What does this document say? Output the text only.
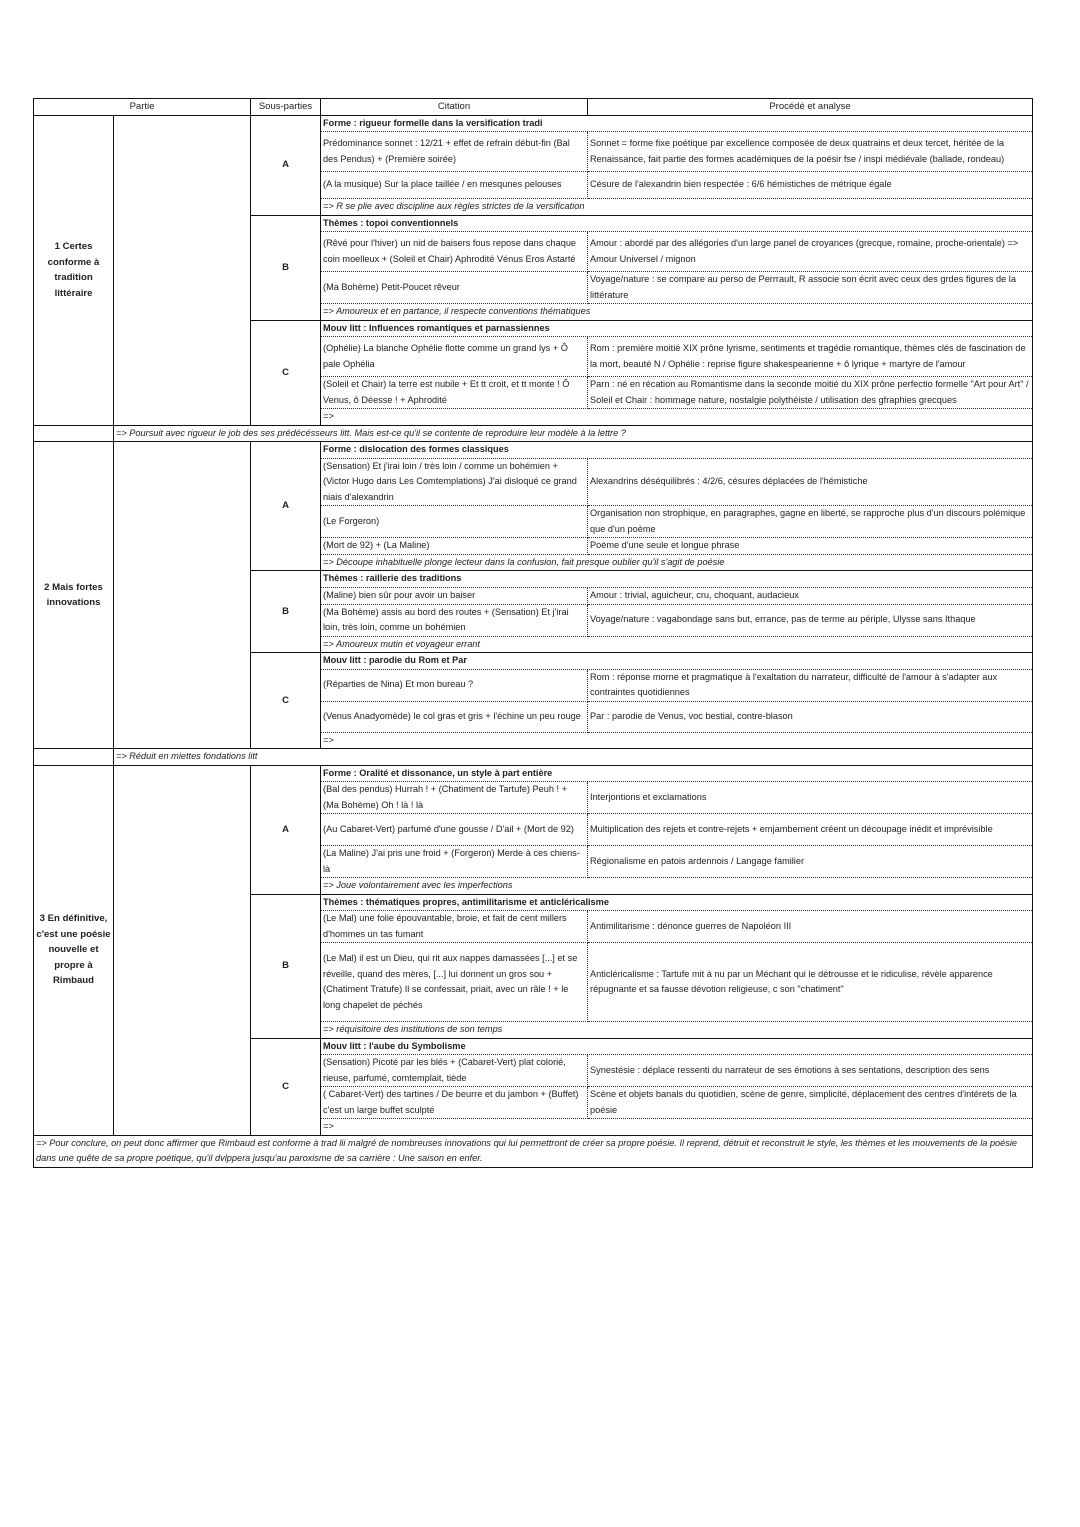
Partie		Sous-parties	Citation	Procédé et analyse
1 Certes conforme à tradition littéraire		A	Forme : rigueur formelle dans la versification tradi	
			Prédominance sonnet : 12/21 + effet de refrain début-fin (Bal des Pendus) + (Première soirée)	Sonnet = forme fixe poétique par excellence composée de deux quatrains et deux tercet, héritée de la Renaissance, fait partie des formes académiques de la poésir fse / inspi médiévale (ballade, rondeau)
			(A la musique) Sur la place taillée / en mesqunes pelouses	Césure de l'alexandrin bien respectée : 6/6 hémistiches de métrique égale
			=> R se plie avec discipline aux règles strictes de la versification	
		B	Thèmes : topoi conventionnels	
			(Rêvé pour l'hiver) un nid de baisers fous repose dans chaque coin moelleux + (Soleil et Chair) Aphrodité Vénus Eros Astarté	Amour : abordé par des allégories d'un large panel de croyances (grecque, romaine, proche-orientale) => Amour Universel / mignon
			(Ma Bohème) Petit-Poucet rêveur	Voyage/nature : se compare au perso de Perrrault, R associe son écrit avec ceux des grdes figures de la littérature
			=> Amoureux et en partance, il respecte conventions thématiques	
		C	Mouv litt : Influences romantiques et parnassiennes	
			(Ophélie) La blanche Ophélie flotte comme un grand lys + Ô pale Ophélia	Rom : première moitié XIX prône lyrisme, sentiments et tragédie romantique, thèmes clés de fascination de la mort, beauté N / Ophélie : reprise figure shakespearienne + ô lyrique + martyre de l'amour
			(Soleil et Chair) la terre est nubile + Et tt croit, et tt monte ! Ô Venus, ô Déesse ! + Aphrodité	Parn : né en récation au Romantisme dans la seconde moitié du XIX prône perfectio formelle "Art pour Art" / Soleil et Chair : hommage nature, nostalgie polythéiste / utilisation des gfraphies grecques
			=>	
	=> Poursuit avec rigueur le job des ses prédécésseurs litt. Mais est-ce qu'il se contente de reproduire leur modèle à la lettre ?			
2 Mais fortes innovations		A	Forme : dislocation des formes classiques	
			(Sensation) Et j'irai loin / très loin / comme un bohémien + (Victor Hugo dans Les Comtemplations) J'ai disloqué ce grand niais d'alexandrin	Alexandrins déséquilibrés : 4/2/6, césures déplacées de l'hémistiche
			(Le Forgeron)	Organisation non strophique, en paragraphes, gagne en liberté, se rapproche plus d'un discours polémique que d'un poème
			(Mort de 92) + (La Maline)	Poème d'une seule et longue phrase
			=> Découpe inhabituelle plonge lecteur dans la confusion, fait presque oublier qu'il s'agit de poésie	
		B	Thèmes : raillerie des traditions	
			(Maline) bien sûr pour avoir un baiser	Amour : trivial, aguicheur, cru, choquant, audacieux
			(Ma Bohème) assis au bord des routes + (Sensation) Et j'irai loin, très loin, comme un bohémien	Voyage/nature : vagabondage sans but, errance, pas de terme au périple, Ulysse sans Ithaque
			=> Amoureux mutin et voyageur errant	
		C	Mouv litt : parodie du Rom et Par	
			(Réparties de Nina) Et mon bureau ?	Rom : réponse morne et pragmatique à l'exaltation du narrateur, difficulté de l'amour à s'adapter aux contraintes quotidiennes
			(Venus Anadyomède) le col gras et gris + l'échine un peu rouge	Par : parodie de Venus, voc bestial, contre-blason
			=>	
	=> Réduit en miettes fondations litt			
3 En définitive, c'est une poésie nouvelle et propre à Rimbaud		A	Forme : Oralité et dissonance, un style à part entière	
			(Bal des pendus) Hurrah ! + (Chatiment de Tartufe) Peuh ! + (Ma Bohème) Oh ! là ! là	Interjontions et exclamations
			(Au Cabaret-Vert) parfumé d'une gousse / D'ail + (Mort de 92)	Multiplication des rejets et contre-rejets + emjambement créent un découpage inédit et imprévisible
			(La Maline) J'ai pris une froid + (Forgeron) Merde à ces chiens-là	Régionalisme en patois ardennois / Langage familier
			=> Joue volontairement avec les imperfections	
		B	Thèmes : thématiques propres, antimilitarisme et anticléricalisme	
			(Le Mal) une folie épouvantable, broie, et fait de cent millers d'hommes un tas fumant	Antimilitarisme : dénonce guerres de Napoléon III
			(Le Mal) il est un Dieu, qui rit aux nappes damassées [...] et se réveille, quand des mères, [...] lui donnent un gros sou + (Chatiment Tratufe) Il se confessait, priait, avec un râle ! + le long chapelet de péchés	Anticléricalisme : Tartufe mit à nu par un Méchant qui le détrousse et le ridiculise, révèle apparence répugnante et sa fausse dévotion religieuse, c son "chatiment"
			=> réquisitoire des institutions de son temps	
		C	Mouv litt : l'aube du Symbolisme	
			(Sensation) Picoté par les blés + (Cabaret-Vert) plat colorié, rieuse, parfumé, comtemplait, tiède	Synestésie : déplace ressenti du narrateur de ses émotions à ses sentations, description des sens
			( Cabaret-Vert) des tartines / De beurre et du jambon + (Buffet) c'est un large buffet sculpté	Scène et objets banals du quotidien, scène de genre, simplicité, déplacement des centres d'intérets de la poésie
			=>	
=> Pour conclure, on peut donc affirmer que Rimbaud est conforme à trad lii malgré de nombreuses innovations qui lui permettront de créer sa propre poésie. Il reprend, détruit et reconstruit le style, les thèmes et les mouvements de la poésie dans une quête de sa propre poétique, qu'il dvlppera jusqu'au paroxisme de sa carrière : Une saison en enfer.				
